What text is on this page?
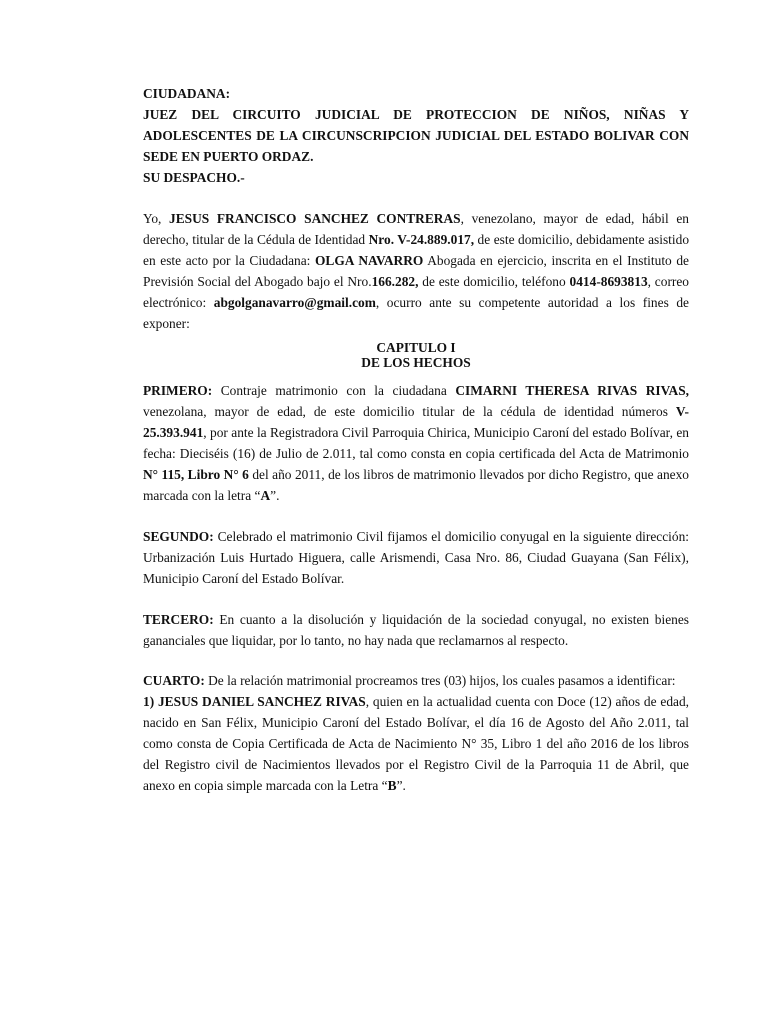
CIUDADANA:

JUEZ DEL CIRCUITO JUDICIAL DE PROTECCION DE NIÑOS, NIÑAS Y ADOLESCENTES DE LA CIRCUNSCRIPCION JUDICIAL DEL ESTADO BOLIVAR CON SEDE EN PUERTO ORDAZ.

SU DESPACHO.-

Yo, JESUS FRANCISCO SANCHEZ CONTRERAS, venezolano, mayor de edad, hábil en derecho, titular de la Cédula de Identidad Nro. V-24.889.017, de este domicilio, debidamente asistido en este acto por la Ciudadana: OLGA NAVARRO Abogada en ejercicio, inscrita en el Instituto de Previsión Social del Abogado bajo el Nro.166.282, de este domicilio, teléfono 0414-8693813, correo electrónico: abgolganavarro@gmail.com, ocurro ante su competente autoridad a los fines de exponer:

CAPITULO I

DE LOS HECHOS

PRIMERO: Contraje matrimonio con la ciudadana CIMARNI THERESA RIVAS RIVAS, venezolana, mayor de edad, de este domicilio titular de la cédula de identidad números V- 25.393.941, por ante la Registradora Civil Parroquia Chirica, Municipio Caroní del estado Bolívar, en fecha: Dieciséis (16) de Julio de 2.011, tal como consta en copia certificada del Acta de Matrimonio N° 115, Libro N° 6 del año 2011, de los libros de matrimonio llevados por dicho Registro, que anexo marcada con la letra “A”.

SEGUNDO: Celebrado el matrimonio Civil fijamos el domicilio conyugal en la siguiente dirección: Urbanización Luis Hurtado Higuera, calle Arismendi, Casa Nro. 86, Ciudad Guayana (San Félix), Municipio Caroní del Estado Bolívar.

TERCERO: En cuanto a la disolución y liquidación de la sociedad conyugal, no existen bienes gananciales que liquidar, por lo tanto, no hay nada que reclamarnos al respecto.

CUARTO: De la relación matrimonial procreamos tres (03) hijos, los cuales pasamos a identificar:

1) JESUS DANIEL SANCHEZ RIVAS, quien en la actualidad cuenta con Doce (12) años de edad, nacido en San Félix, Municipio Caroní del Estado Bolívar, el día 16 de Agosto del Año 2.011, tal como consta de Copia Certificada de Acta de Nacimiento N° 35, Libro 1 del año 2016 de los libros del Registro civil de Nacimientos llevados por el Registro Civil de la Parroquia 11 de Abril, que anexo en copia simple marcada con la Letra “B”.
